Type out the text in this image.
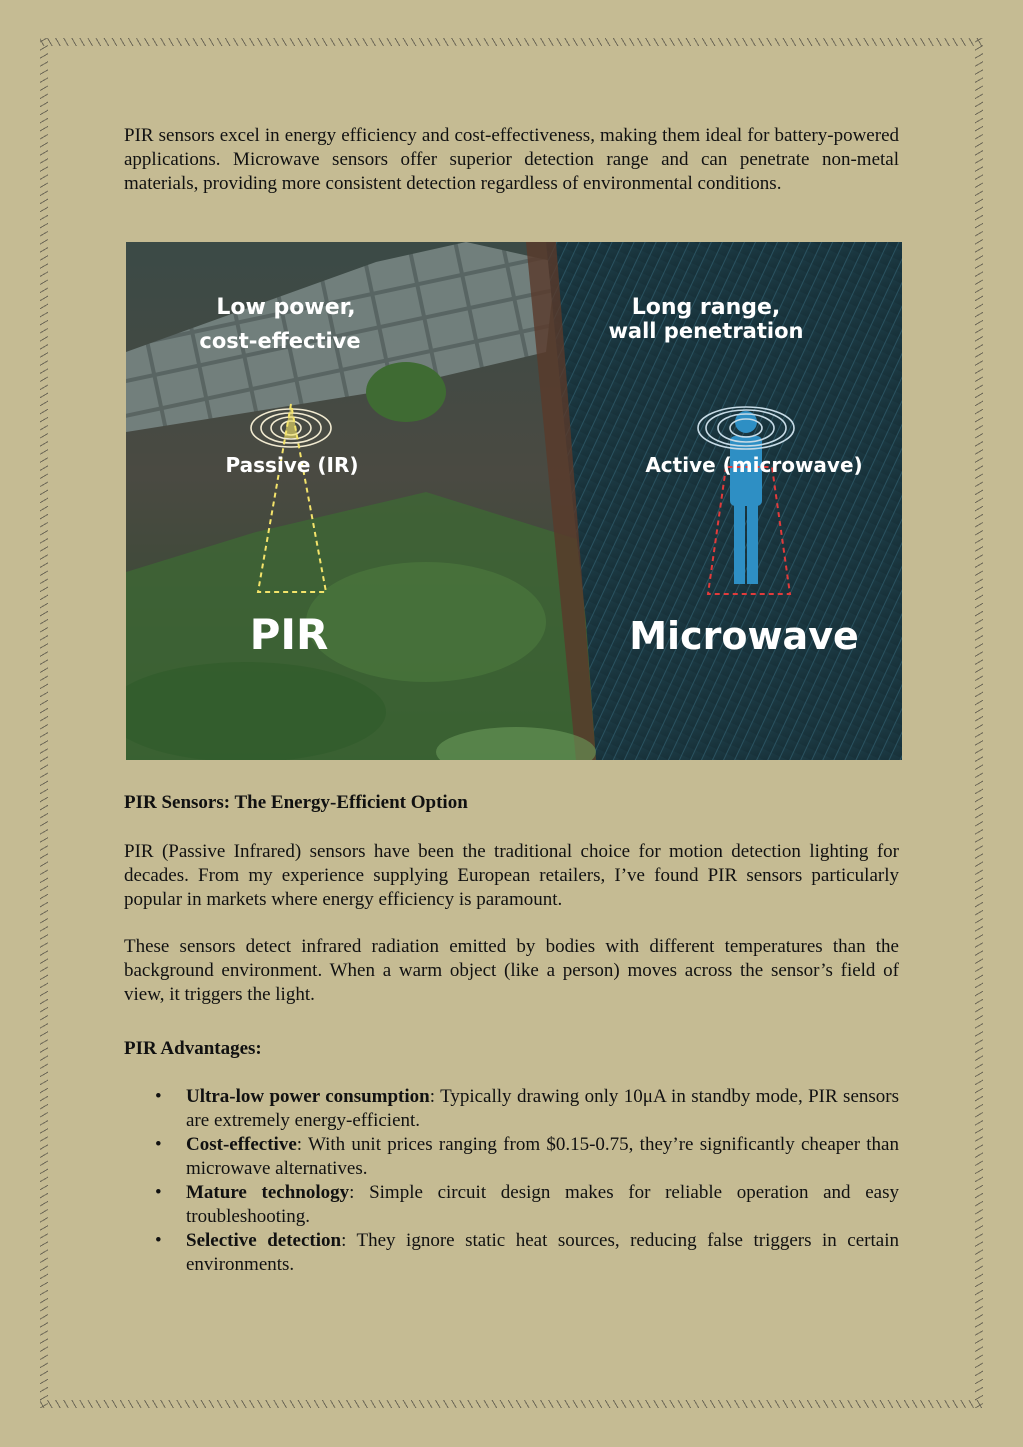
PIR sensors excel in energy efficiency and cost-effectiveness, making them ideal for battery-powered applications. Microwave sensors offer superior detection range and can penetrate non-metal materials, providing more consistent detection regardless of environmental conditions.

Low power,
cost-effective
Long range,
wall penetration
Passive (IR)	Active (microwave)
PIR	Microwave
PIR Sensors: The Energy-Efficient Option

PIR (Passive Infrared) sensors have been the traditional choice for motion detection lighting for decades. From my experience supplying European retailers, I’ve found PIR sensors particularly popular in markets where energy efficiency is paramount.

These sensors detect infrared radiation emitted by bodies with different temperatures than the background environment. When a warm object (like a person) moves across the sensor’s field of view, it triggers the light.

PIR Advantages:
• Ultra-low power consumption: Typically drawing only 10μA in standby mode, PIR sensors are extremely energy-efficient.
• Cost-effective: With unit prices ranging from $0.15-0.75, they’re significantly cheaper than microwave alternatives.
• Mature technology: Simple circuit design makes for reliable operation and easy troubleshooting.
• Selective detection: They ignore static heat sources, reducing false triggers in certain environments.
